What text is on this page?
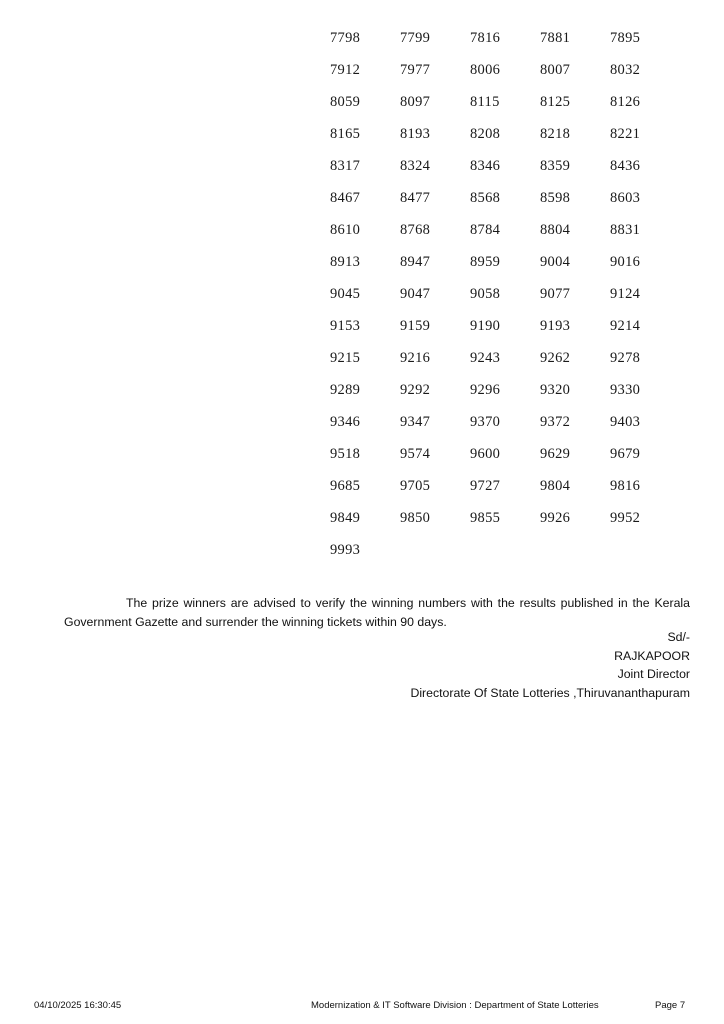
7798	7799	7816	7881	7895
7912	7977	8006	8007	8032
8059	8097	8115	8125	8126
8165	8193	8208	8218	8221
8317	8324	8346	8359	8436
8467	8477	8568	8598	8603
8610	8768	8784	8804	8831
8913	8947	8959	9004	9016
9045	9047	9058	9077	9124
9153	9159	9190	9193	9214
9215	9216	9243	9262	9278
9289	9292	9296	9320	9330
9346	9347	9370	9372	9403
9518	9574	9600	9629	9679
9685	9705	9727	9804	9816
9849	9850	9855	9926	9952
9993
The prize winners are advised to verify the winning numbers with the results published in the Kerala Government Gazette and surrender the winning tickets within 90 days.
Sd/-
RAJKAPOOR
Joint Director
Directorate Of State Lotteries ,Thiruvananthapuram
04/10/2025 16:30:45	Modernization & IT Software Division : Department of State Lotteries	Page 7
